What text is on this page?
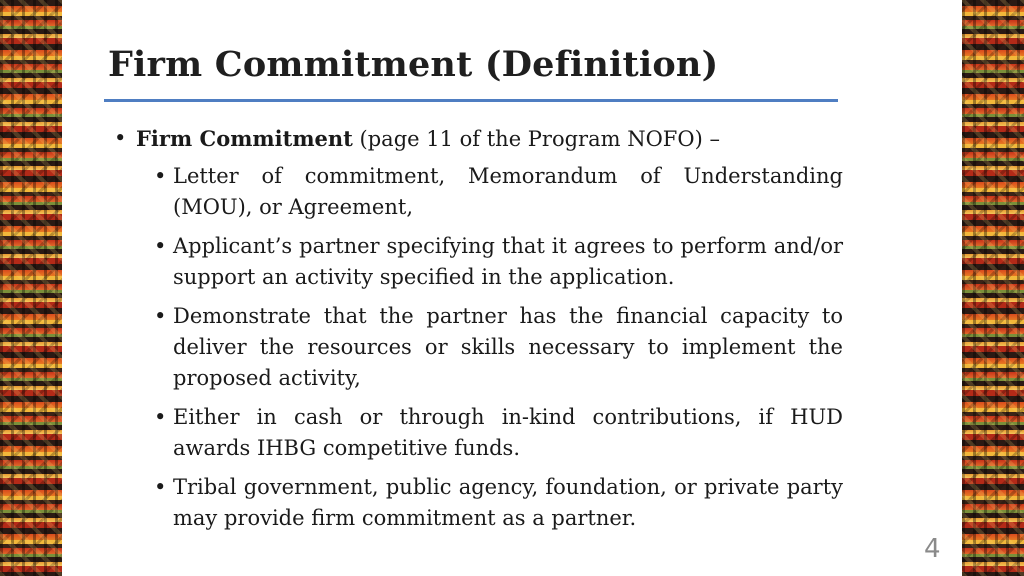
Firm Commitment (Definition)
• Firm Commitment (page 11 of the Program NOFO) –
• Letter of commitment, Memorandum of Understanding (MOU), or Agreement,
• Applicant’s partner specifying that it agrees to perform and/or support an activity specified in the application.
• Demonstrate that the partner has the financial capacity to deliver the resources or skills necessary to implement the proposed activity,
• Either in cash or through in-kind contributions, if HUD awards IHBG competitive funds.
• Tribal government, public agency, foundation, or private party may provide firm commitment as a partner.
4
